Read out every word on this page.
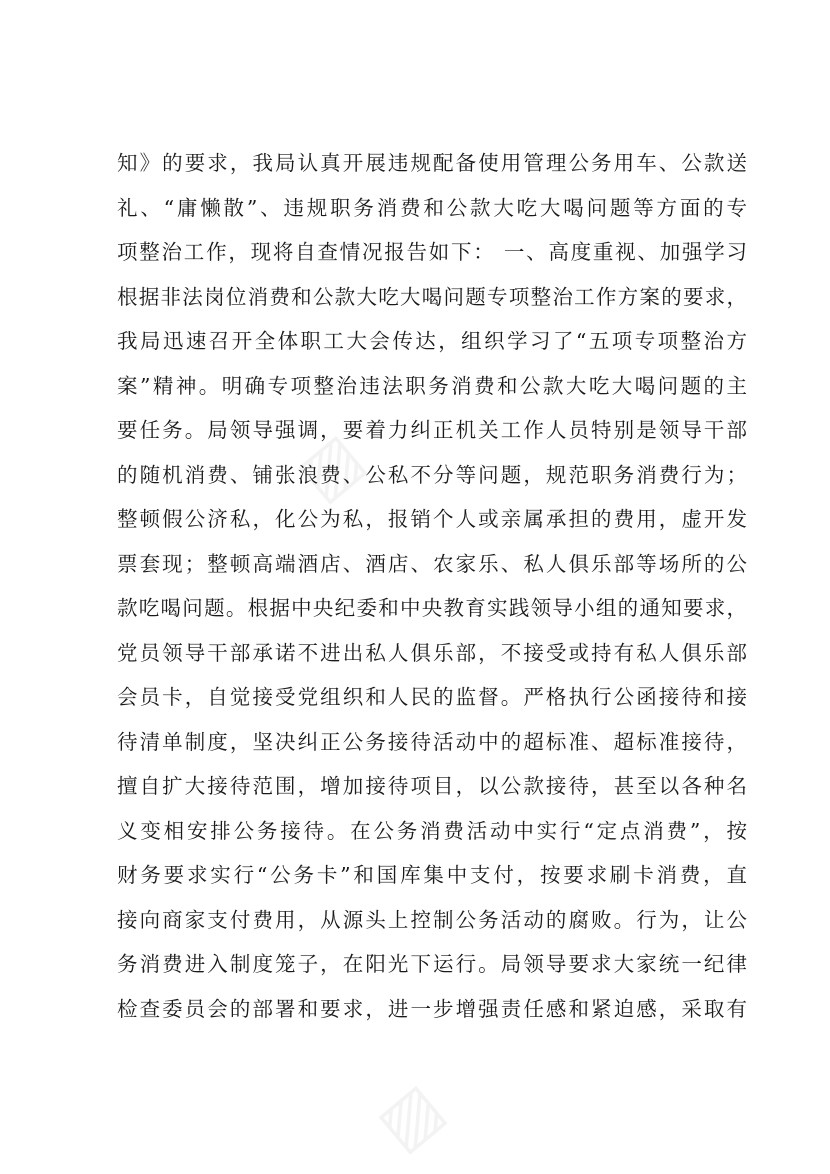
▨
▨
知》的要求，我局认真开展违规配备使用管理公务用车、公款送
礼、“庸懒散”、违规职务消费和公款大吃大喝问题等方面的专
项整治工作，现将自查情况报告如下： 一、高度重视、加强学习
根据非法岗位消费和公款大吃大喝问题专项整治工作方案的要求，
我局迅速召开全体职工大会传达，组织学习了“五项专项整治方
案”精神。明确专项整治违法职务消费和公款大吃大喝问题的主
要任务。局领导强调，要着力纠正机关工作人员特别是领导干部
的随机消费、铺张浪费、公私不分等问题，规范职务消费行为；
整顿假公济私，化公为私，报销个人或亲属承担的费用，虚开发
票套现；整顿高端酒店、酒店、农家乐、私人俱乐部等场所的公
款吃喝问题。根据中央纪委和中央教育实践领导小组的通知要求，
党员领导干部承诺不进出私人俱乐部，不接受或持有私人俱乐部
会员卡，自觉接受党组织和人民的监督。严格执行公函接待和接
待清单制度，坚决纠正公务接待活动中的超标准、超标准接待，
擅自扩大接待范围，增加接待项目，以公款接待，甚至以各种名
义变相安排公务接待。在公务消费活动中实行“定点消费”，按
财务要求实行“公务卡”和国库集中支付，按要求刷卡消费，直
接向商家支付费用，从源头上控制公务活动的腐败。行为，让公
务消费进入制度笼子，在阳光下运行。局领导要求大家统一纪律
检查委员会的部署和要求，进一步增强责任感和紧迫感，采取有
